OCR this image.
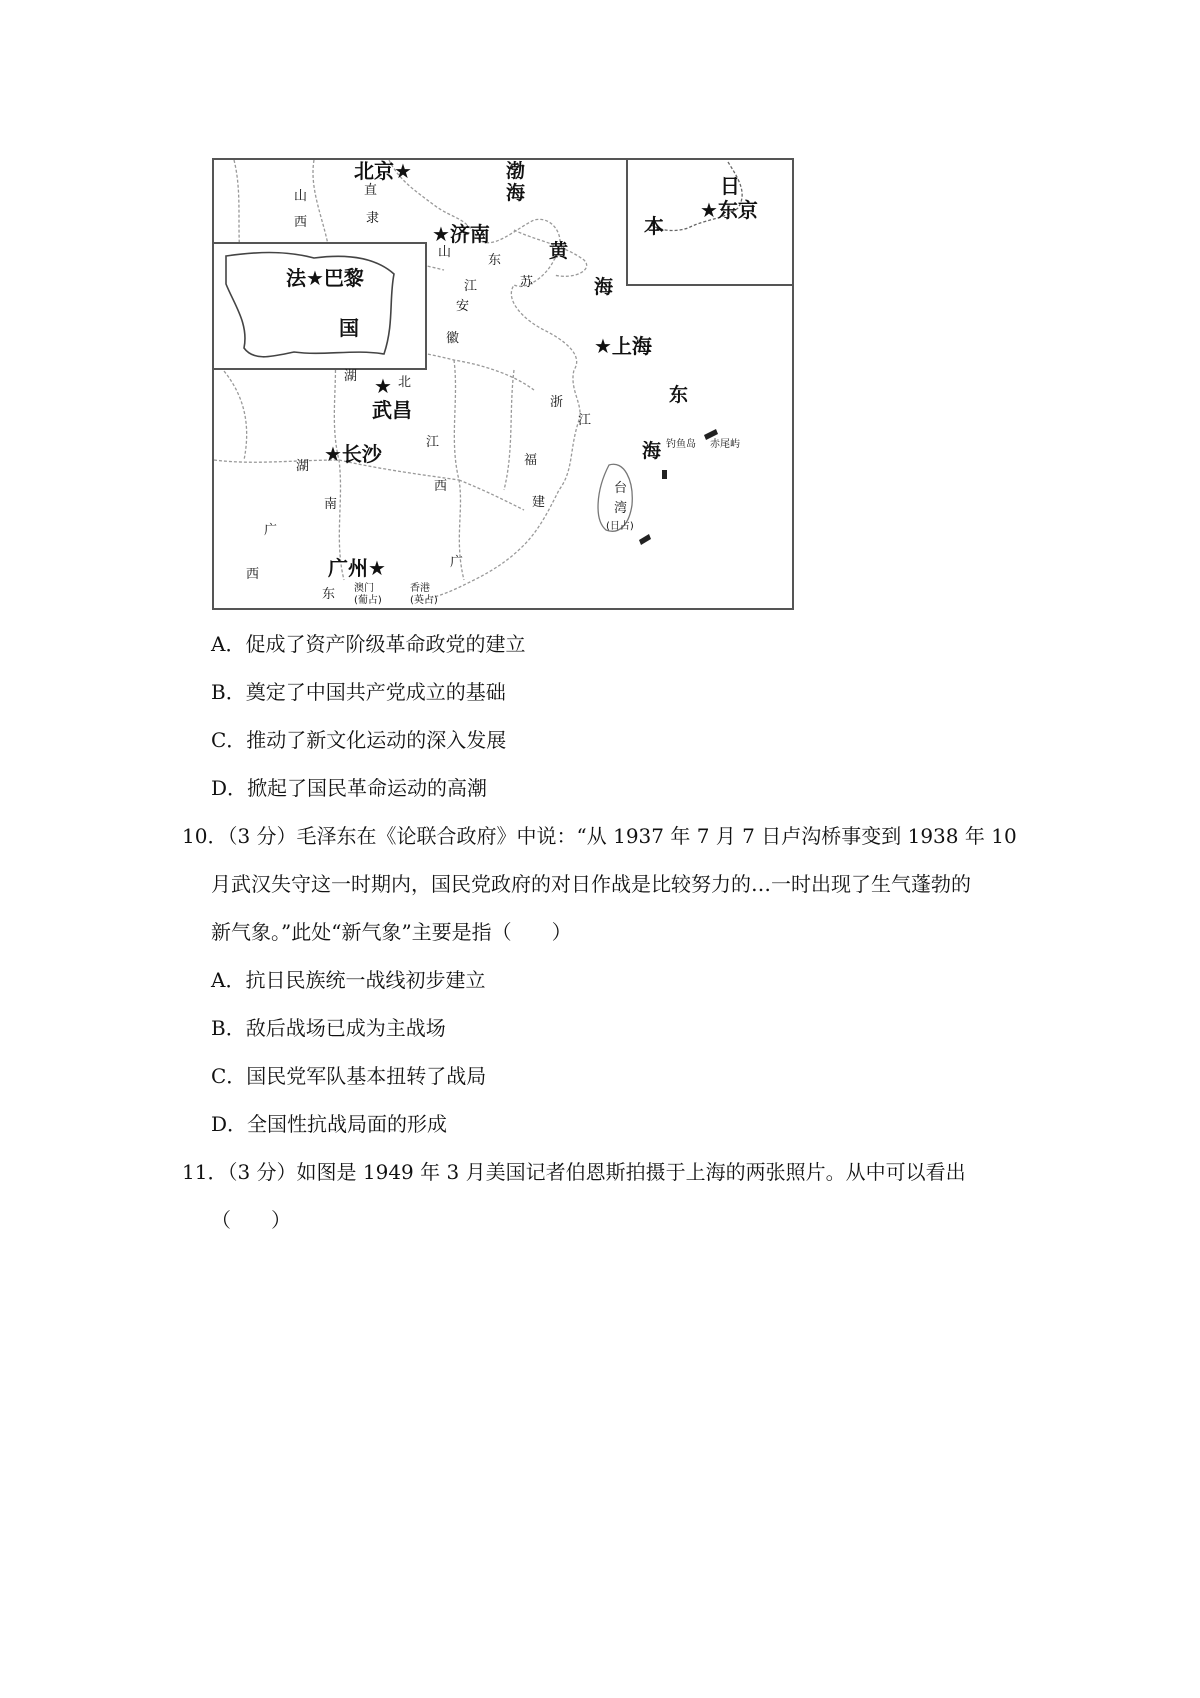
法★巴黎
国
日
★东京
本
北京★
★济南
★上海
★
武昌
★长沙
广州★
渤
海
黄
海
东
海
山
西
直
隶
山
东
江	苏
安
徽
湖	北
江
西
浙
江
福
建
湖
南
广
西
广
东
台
湾
(日占)
钓鱼岛 赤尾屿
澳门
(葡占)
香港
(英占)
A．促成了资产阶级革命政党的建立
B．奠定了中国共产党成立的基础
C．推动了新文化运动的深入发展
D．掀起了国民革命运动的高潮
10．（3 分）毛泽东在《论联合政府》中说：“从 1937 年 7 月 7 日卢沟桥事变到 1938 年 10
月武汉失守这一时期内，国民党政府的对日作战是比较努力的…一时出现了生气蓬勃的
新气象。”此处“新气象”主要是指（　　）
A．抗日民族统一战线初步建立
B．敌后战场已成为主战场
C．国民党军队基本扭转了战局
D．全国性抗战局面的形成
11．（3 分）如图是 1949 年 3 月美国记者伯恩斯拍摄于上海的两张照片。从中可以看出
（　　）
